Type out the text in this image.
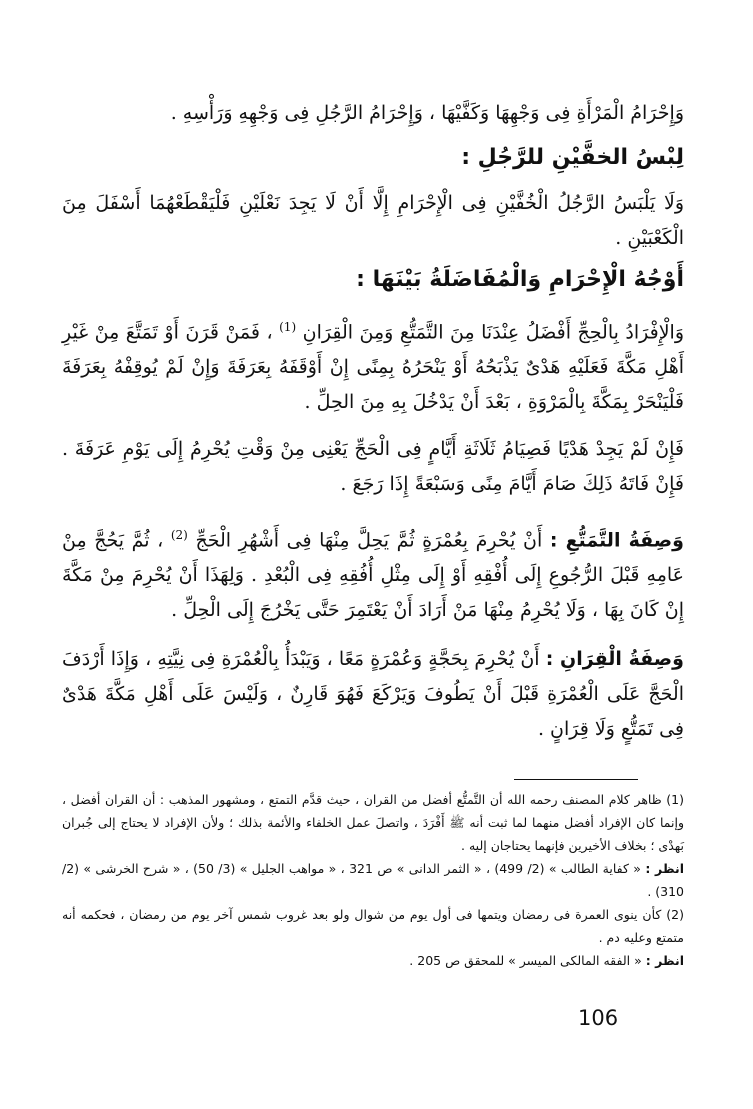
وَإِحْرَامُ الْمَرْأَةِ فِى وَجْهِهَا وَكَفَّيْهَا ، وَإِحْرَامُ الرَّجُلِ فِى وَجْهِهِ وَرَأْسِهِ .

لِبْسُ الخفَّيْنِ للرَّجُلِ :

وَلَا يَلْبَسُ الرَّجُلُ الْخُفَّيْنِ فِى الْإِحْرَامِ إِلَّا أَنْ لَا يَجِدَ نَعْلَيْنِ فَلْيَقْطَعْهُمَا أَسْفَلَ مِنَ الْكَعْبَيْنِ .

أَوْجُهُ الْإِحْرَامِ وَالْمُفَاضَلَةُ بَيْنَهَا :

وَالْإِفْرَادُ بِالْحِجِّ أَفْضَلُ عِنْدَنَا مِنَ التَّمَتُّعِ وَمِنَ الْقِرَانِ $^{(1)}$ ، فَمَنْ قَرَنَ أَوْ تَمَتَّعَ مِنْ غَيْرِ أَهْلِ مَكَّةَ فَعَلَيْهِ هَدْىٌ يَذْبَحُهُ أَوْ يَنْحَرُهُ بِمِنًى إِنْ أَوْقَفَهُ بِعَرَفَةَ وَإِنْ لَمْ يُوقِفْهُ بِعَرَفَةَ فَلْيَنْحَرْ بِمَكَّةَ بِالْمَرْوَةِ ، بَعْدَ أَنْ يَدْخُلَ بِهِ مِنَ الحِلِّ .

فَإِنْ لَمْ يَجِدْ هَدْيًا فَصِيَامُ ثَلَاثَةِ أَيَّامٍ فِى الْحَجِّ يَعْنِى مِنْ وَقْتِ يُحْرِمُ إِلَى يَوْمِ عَرَفَةَ . فَإِنْ فَاتَهُ ذَلِكَ صَامَ أَيَّامَ مِنًى وَسَبْعَةً إِذَا رَجَعَ .

وَصِفَةُ التَّمَتُّعِ : أَنْ يُحْرِمَ بِعُمْرَةٍ ثُمَّ يَحِلَّ مِنْهَا فِى أَشْهُرِ الْحَجِّ $^{(2)}$ ، ثُمَّ يَحُجَّ مِنْ عَامِهِ قَبْلَ الرُّجُوعِ إِلَى أُفْقِهِ أَوْ إِلَى مِثْلِ أُفُقِهِ فِى الْبُعْدِ . وَلِهَذَا أَنْ يُحْرِمَ مِنْ مَكَّةَ إِنْ كَانَ بِهَا ، وَلَا يُحْرِمُ مِنْهَا مَنْ أَرَادَ أَنْ يَعْتَمِرَ حَتَّى يَخْرُجَ إِلَى الْحِلِّ .

وَصِفَةُ الْقِرَانِ : أَنْ يُحْرِمَ بِحَجَّةٍ وَعُمْرَةٍ مَعًا ، وَيَبْدَأُ بِالْعُمْرَةِ فِى نِيَّتِهِ ، وَإِذَا أَرْدَفَ الْحَجَّ عَلَى الْعُمْرَةِ قَبْلَ أَنْ يَطُوفَ وَيَرْكَعَ فَهُوَ قَارِنٌ ، وَلَيْسَ عَلَى أَهْلِ مَكَّةَ هَدْىٌ فِى تَمَتُّعٍ وَلَا قِرَانٍ .

(1) ظاهر كلام المصنف رحمه الله أن التَّمتُّع أفضل من القران ، حيث قدَّم التمتع ، ومشهور المذهب : أن القران أفضل ، وإنما كان الإفراد أفضل منهما لما ثبت أنه ﷺ أَفْرَدَ ، واتصلَ عمل الخلفاء والأئمة بذلك ؛ ولأن الإفراد لا يحتاج إلى جُبران بَهدْى ؛ بخلاف الأخيرين فإنهما يحتاجان إليه .

انظر : « كفاية الطالب » (2/ 499) ، « الثمر الدانى » ص 321 ، « مواهب الجليل » (3/ 50) ، « شرح الخرشى » (2/ 310) .

(2) كأن ينوى العمرة فى رمضان ويتمها فى أول يوم من شوال ولو بعد غروب شمس آخر يوم من رمضان ، فحكمه أنه متمتع وعليه دم .

انظر : « الفقه المالكى الميسر » للمحقق ص 205 .

106
